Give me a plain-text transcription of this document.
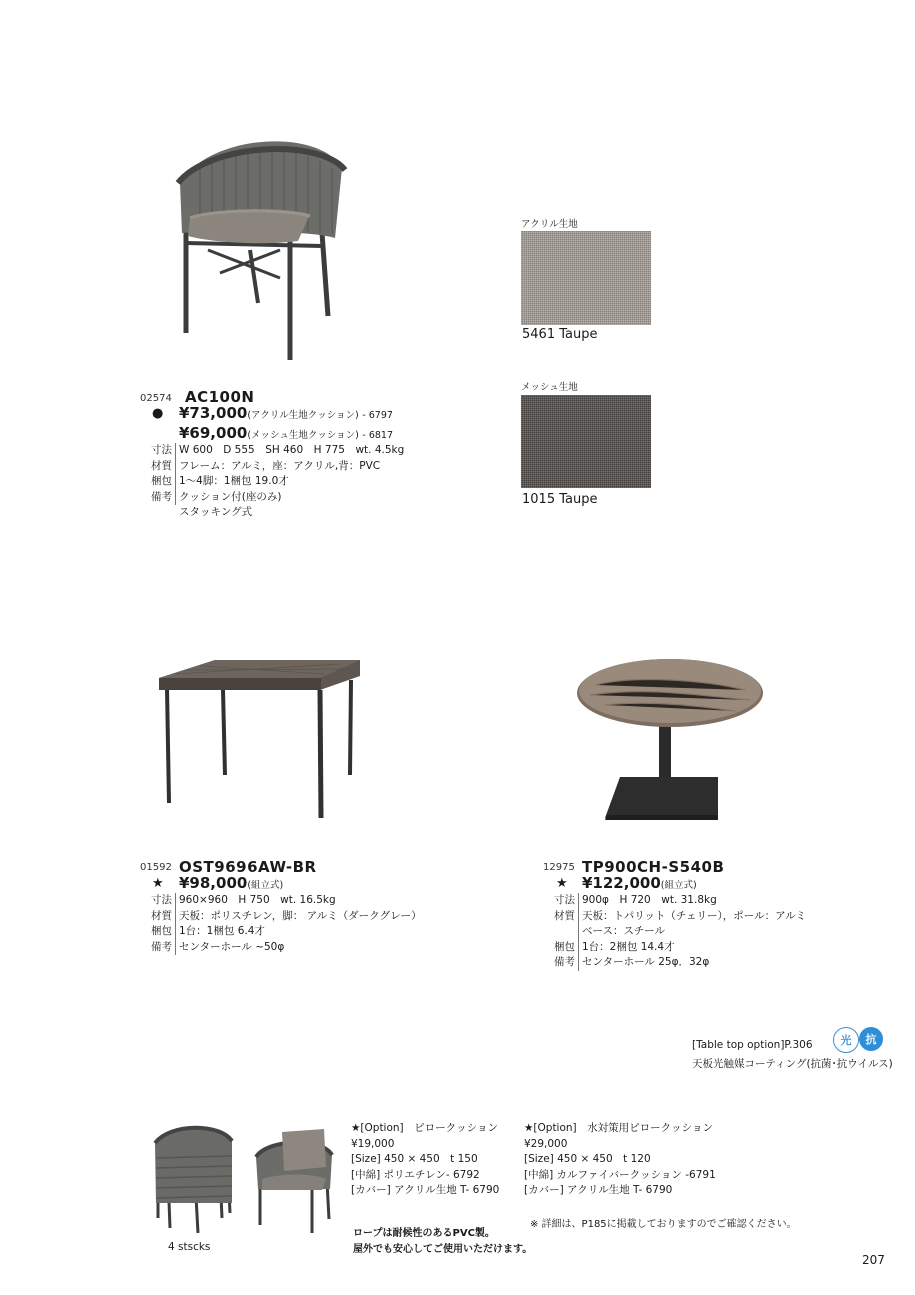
02574 AC100N
● ¥73,000(アクリル生地クッション) - 6797
¥69,000(メッシュ生地クッション) - 6817
寸法 W 600　D 555　SH 460　H 775　wt. 4.5kg
材質 フレーム：アルミ，座：アクリル,背：PVC
梱包 1～4脚：1梱包 19.0才
備考 クッション付(座のみ)
スタッキング式
アクリル生地
5461 Taupe
メッシュ生地
1015 Taupe
01592 OST9696AW-BR
★ ¥98,000(組立式)
寸法 960×960　H 750　wt. 16.5kg
材質 天板：ポリスチレン，脚： アルミ（ダークグレー）
梱包 1台：1梱包 6.4才
備考 センターホール ~50φ
12975 TP900CH-S540B
★ ¥122,000(組立式)
寸法 900φ　H 720　wt. 31.8kg
材質 天板：トパリット（チェリー），ポール：アルミ
ベース：スチール
梱包 1台：2梱包 14.4才
備考 センターホール 25φ．32φ
[Table top option]P.306	光	抗
天板光触媒コーティング(抗菌･抗ウイルス)
4 stscks
★[Option]　ピロークッション
¥19,000
[Size] 450 × 450　t 150
[中綿] ポリエチレン- 6792
[カバー] アクリル生地 T- 6790
★[Option]　水対策用ピロークッション
¥29,000
[Size] 450 × 450　t 120
[中綿] カルファイバークッション -6791
[カバー] アクリル生地 T- 6790
※ 詳細は、P185に掲載しておりますのでご確認ください。
ロープは耐候性のあるPVC製。
屋外でも安心してご使用いただけます。
207
